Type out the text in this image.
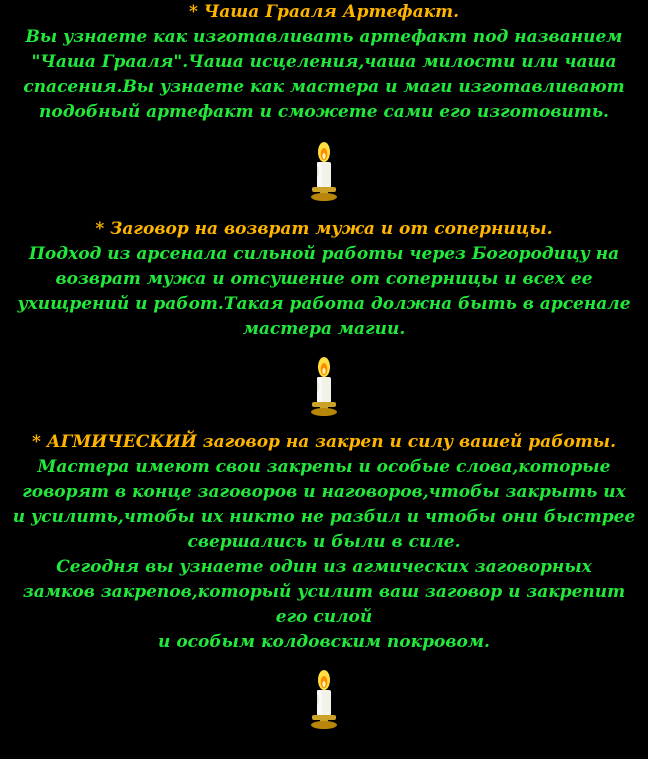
* Чаша Грааля Артефакт.

Вы узнаете как изготавливать артефакт под названием

"Чаша Грааля".Чаша исцеления,чаша милости или чаша

спасения.Вы узнаете как мастера и маги изготавливают

подобный артефакт и сможете сами его изготовить.

* Заговор на возврат мужа и от соперницы.

Подход из арсенала сильной работы через Богородицу на

возврат мужа и отсушение от соперницы и всех ее

ухищрений и работ.Такая работа должна быть в арсенале

мастера магии.

* АГМИЧЕСКИЙ заговор на закреп и силу вашей работы.

Мастера имеют свои закрепы и особые слова,которые

говорят в конце заговоров и наговоров,чтобы закрыть их

и усилить,чтобы их никто не разбил и чтобы они быстрее

свершались и были в силе.

Сегодня вы узнаете один из агмических заговорных

замков закрепов,который усилит ваш заговор и закрепит его силой

и особым колдовским покровом.
